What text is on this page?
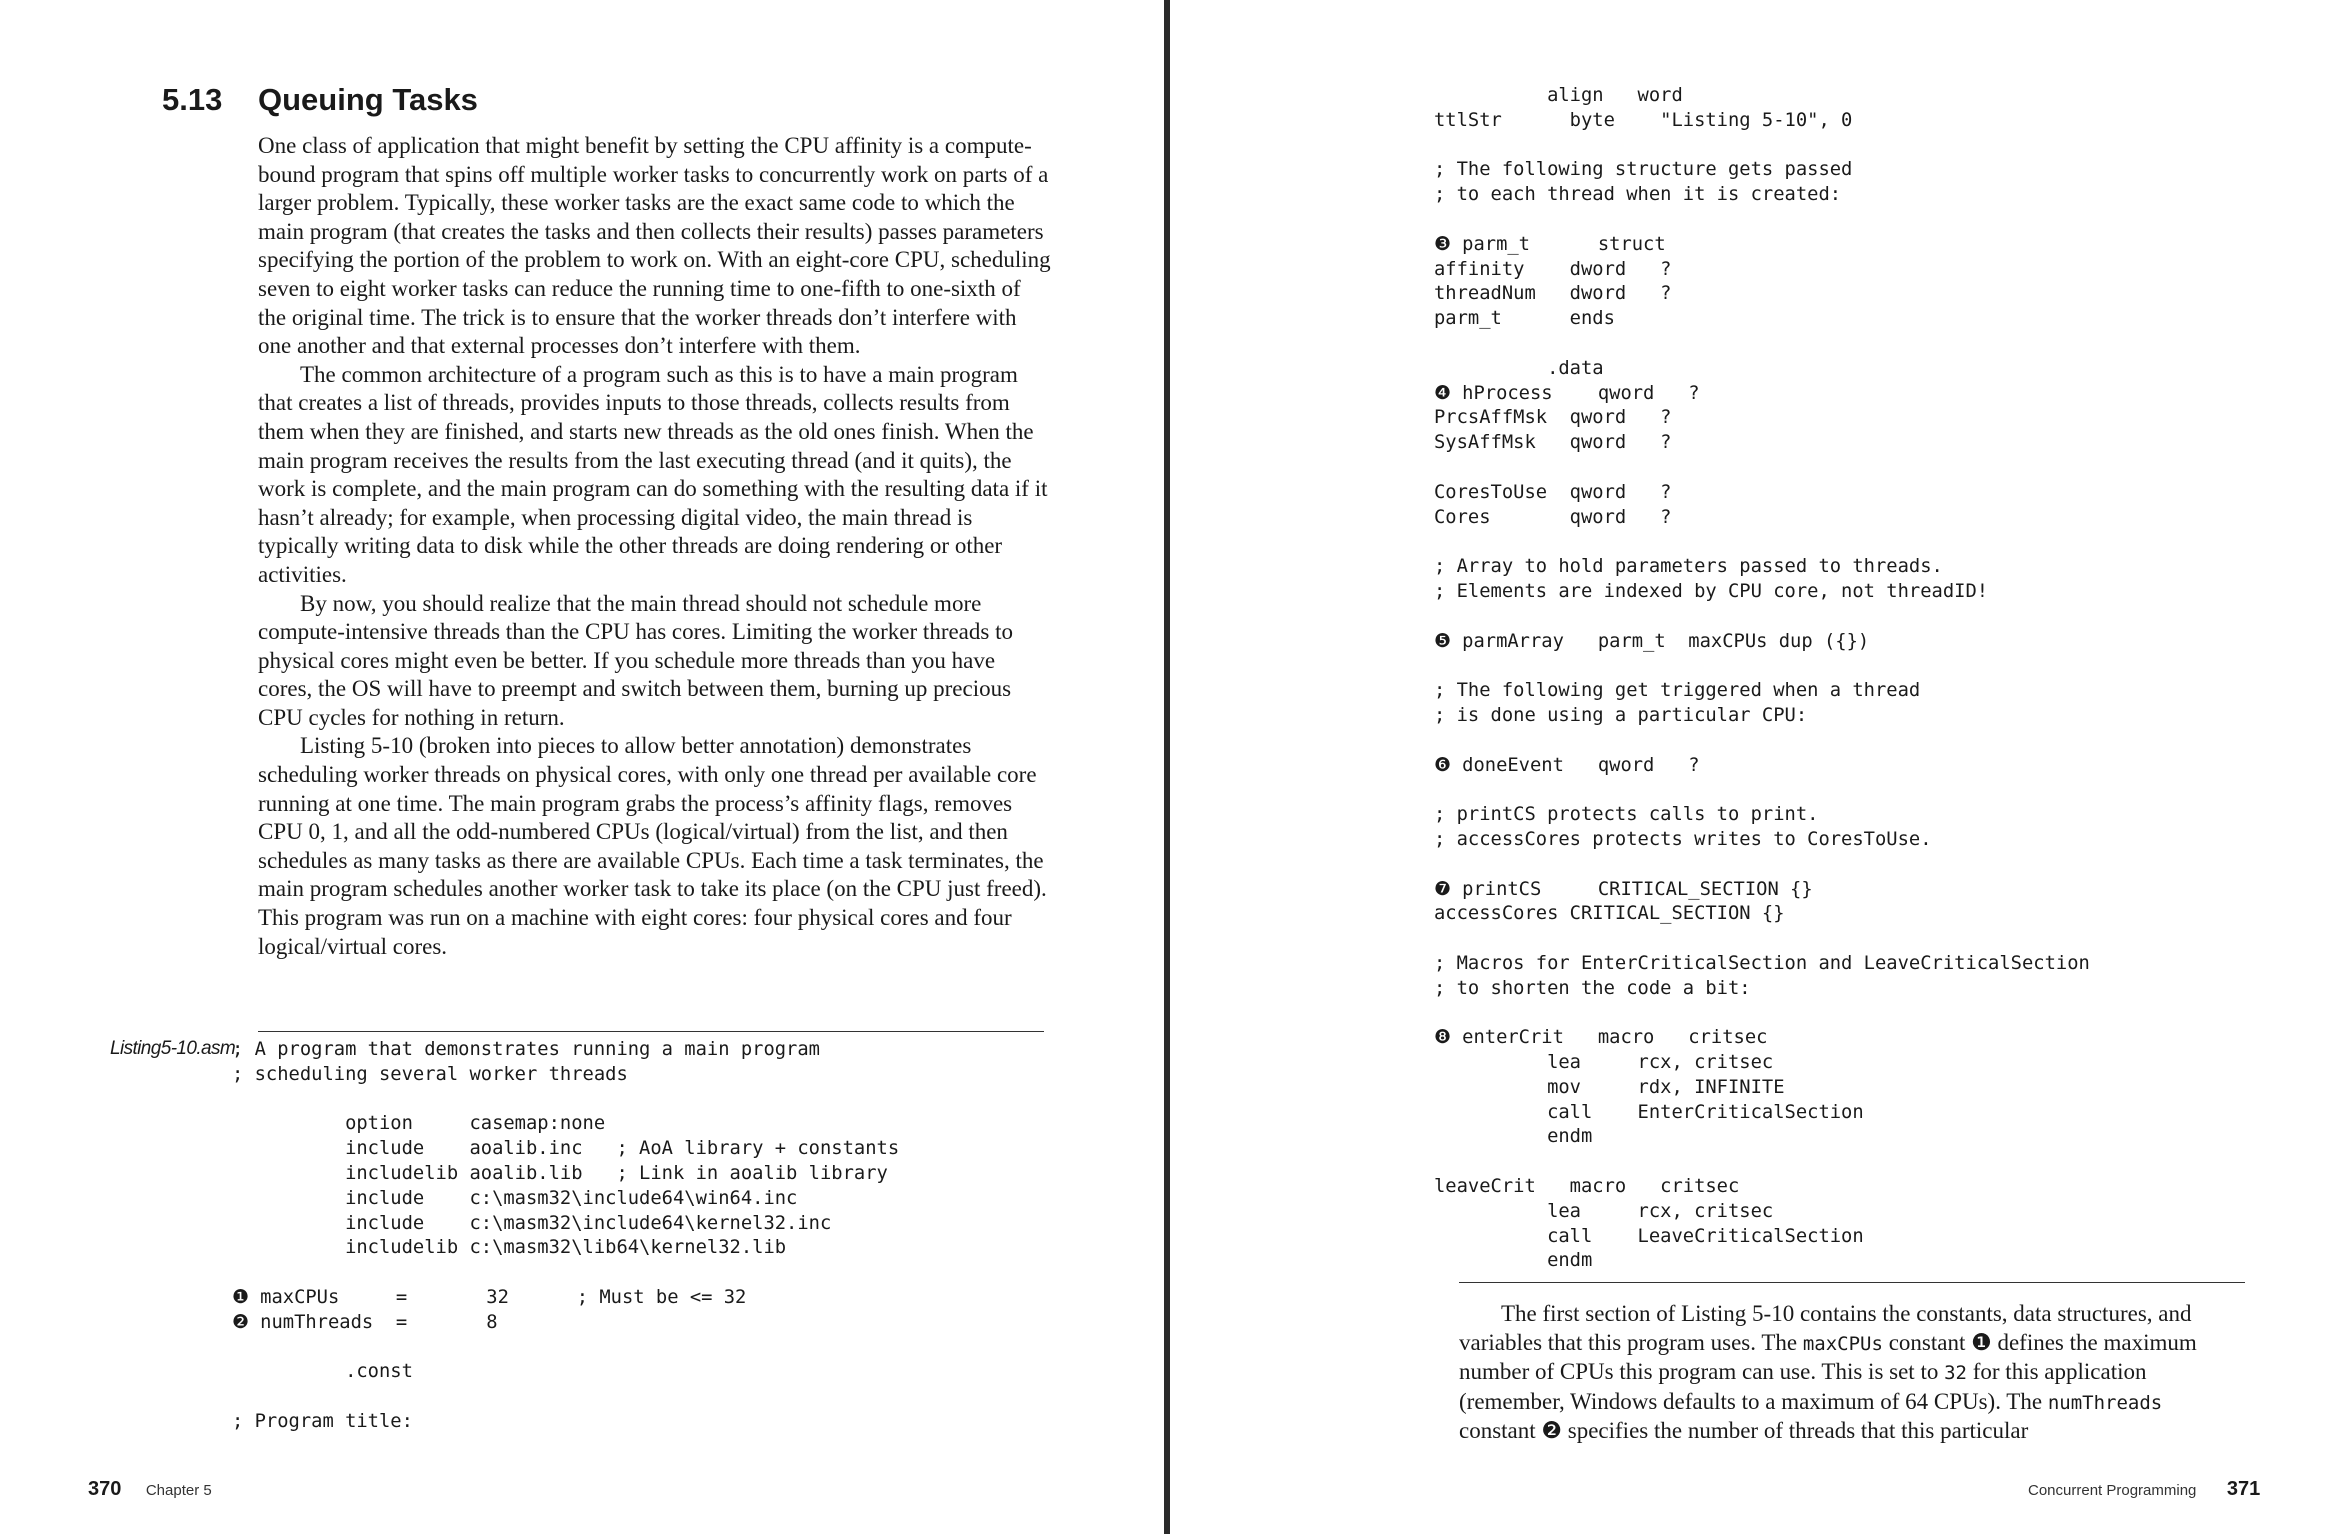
5.13 Queuing Tasks

One class of application that might benefit by setting the CPU affinity is a compute-bound program that spins off multiple worker tasks to concurrently work on parts of a larger problem. Typically, these worker tasks are the exact same code to which the main program (that creates the tasks and then collects their results) passes parameters specifying the portion of the problem to work on. With an eight-core CPU, scheduling seven to eight worker tasks can reduce the running time to one-fifth to one-sixth of the original time. The trick is to ensure that the worker threads don’t interfere with one another and that external processes don’t interfere with them.

The common architecture of a program such as this is to have a main program that creates a list of threads, provides inputs to those threads, collects results from them when they are finished, and starts new threads as the old ones finish. When the main program receives the results from the last executing thread (and it quits), the work is complete, and the main program can do something with the resulting data if it hasn’t already; for example, when processing digital video, the main thread is typically writing data to disk while the other threads are doing rendering or other activities.

By now, you should realize that the main thread should not schedule more compute-intensive threads than the CPU has cores. Limiting the worker threads to physical cores might even be better. If you schedule more threads than you have cores, the OS will have to preempt and switch between them, burning up precious CPU cycles for nothing in return.

Listing 5-10 (broken into pieces to allow better annotation) demonstrates scheduling worker threads on physical cores, with only one thread per available core running at one time. The main program grabs the process’s affinity flags, removes CPU 0, 1, and all the odd-numbered CPUs (logical/virtual) from the list, and then schedules as many tasks as there are available CPUs. Each time a task terminates, the main program schedules another worker task to take its place (on the CPU just freed). This program was run on a machine with eight cores: four physical cores and four logical/virtual cores.

Listing5-10.asm
; A program that demonstrates running a main program
; scheduling several worker threads

option     casemap:none
include    aoalib.inc   ; AoA library + constants
includelib aoalib.lib   ; Link in aoalib library
include    c:\masm32\include64\win64.inc
include    c:\masm32\include64\kernel32.inc
includelib c:\masm32\lib64\kernel32.lib

❶ maxCPUs     =       32      ; Must be <= 32
❷ numThreads  =       8

.const

; Program title:
370 Chapter 5	Concurrent Programming 371
align   word
ttlStr      byte    "Listing 5-10", 0

; The following structure gets passed
; to each thread when it is created:

❸ parm_t      struct
affinity    dword   ?
threadNum   dword   ?
parm_t      ends

.data
❹ hProcess    qword   ?
PrcsAffMsk  qword   ?
SysAffMsk   qword   ?

CoresToUse  qword   ?
Cores       qword   ?

; Array to hold parameters passed to threads.
; Elements are indexed by CPU core, not threadID!

❺ parmArray   parm_t  maxCPUs dup ({})

; The following get triggered when a thread
; is done using a particular CPU:

❻ doneEvent   qword   ?

; printCS protects calls to print.
; accessCores protects writes to CoresToUse.

❼ printCS     CRITICAL_SECTION {}
accessCores CRITICAL_SECTION {}

; Macros for EnterCriticalSection and LeaveCriticalSection
; to shorten the code a bit:

❽ enterCrit   macro   critsec
lea     rcx, critsec
mov     rdx, INFINITE
call    EnterCriticalSection
endm

leaveCrit   macro   critsec
lea     rcx, critsec
call    LeaveCriticalSection
endm

The first section of Listing 5-10 contains the constants, data structures, and variables that this program uses. The maxCPUs constant ❶ defines the maximum number of CPUs this program can use. This is set to 32 for this application (remember, Windows defaults to a maximum of 64 CPUs). The numThreads constant ❷ specifies the number of threads that this particular
